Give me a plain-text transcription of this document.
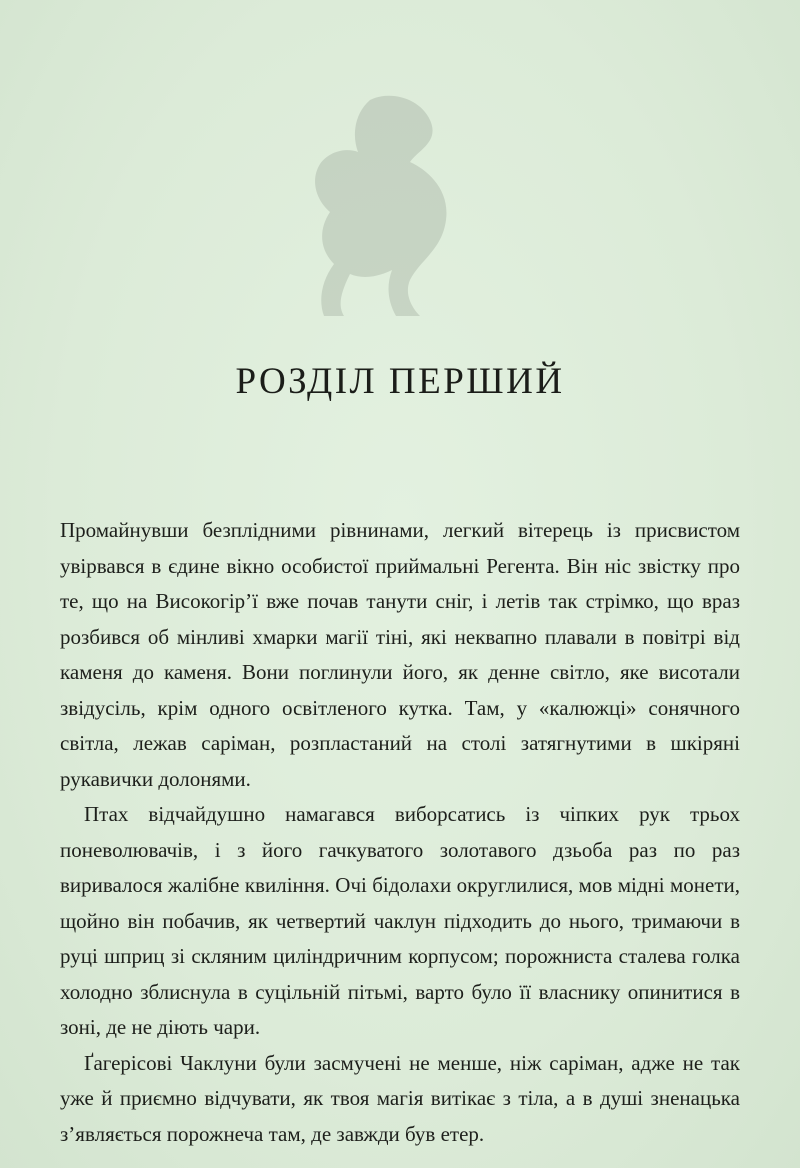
РОЗДІЛ ПЕРШИЙ

Промайнувши безплідними рівнинами, легкий вітерець із присвистом увірвався в єдине вікно особистої приймальні Регента. Він ніс звістку про те, що на Високогір’ї вже почав танути сніг, і летів так стрімко, що враз розбився об мінливі хмарки магії тіні, які неквапно плавали в повітрі від каменя до каменя. Вони поглинули його, як денне світло, яке висотали звідусіль, крім одного освітленого кутка. Там, у «калюжці» сонячного світла, лежав саріман, розпластаний на столі затягнутими в шкіряні рукавички долонями.

Птах відчайдушно намагався виборсатись із чіпких рук трьох поневолювачів, і з його гачкуватого золотавого дзьоба раз по раз виривалося жалібне квиління. Очі бідолахи округлилися, мов мідні монети, щойно він побачив, як четвертий чаклун підходить до нього, тримаючи в руці шприц зі скляним циліндричним корпусом; порожниста сталева голка холодно зблиснула в суцільній пітьмі, варто було її власнику опинитися в зоні, де не діють чари.

Ґагерісові Чаклуни були засмучені не менше, ніж саріман, адже не так уже й приємно відчувати, як твоя магія витікає з тіла, а в душі зненацька з’являється порожнеча там, де завжди був етер.
